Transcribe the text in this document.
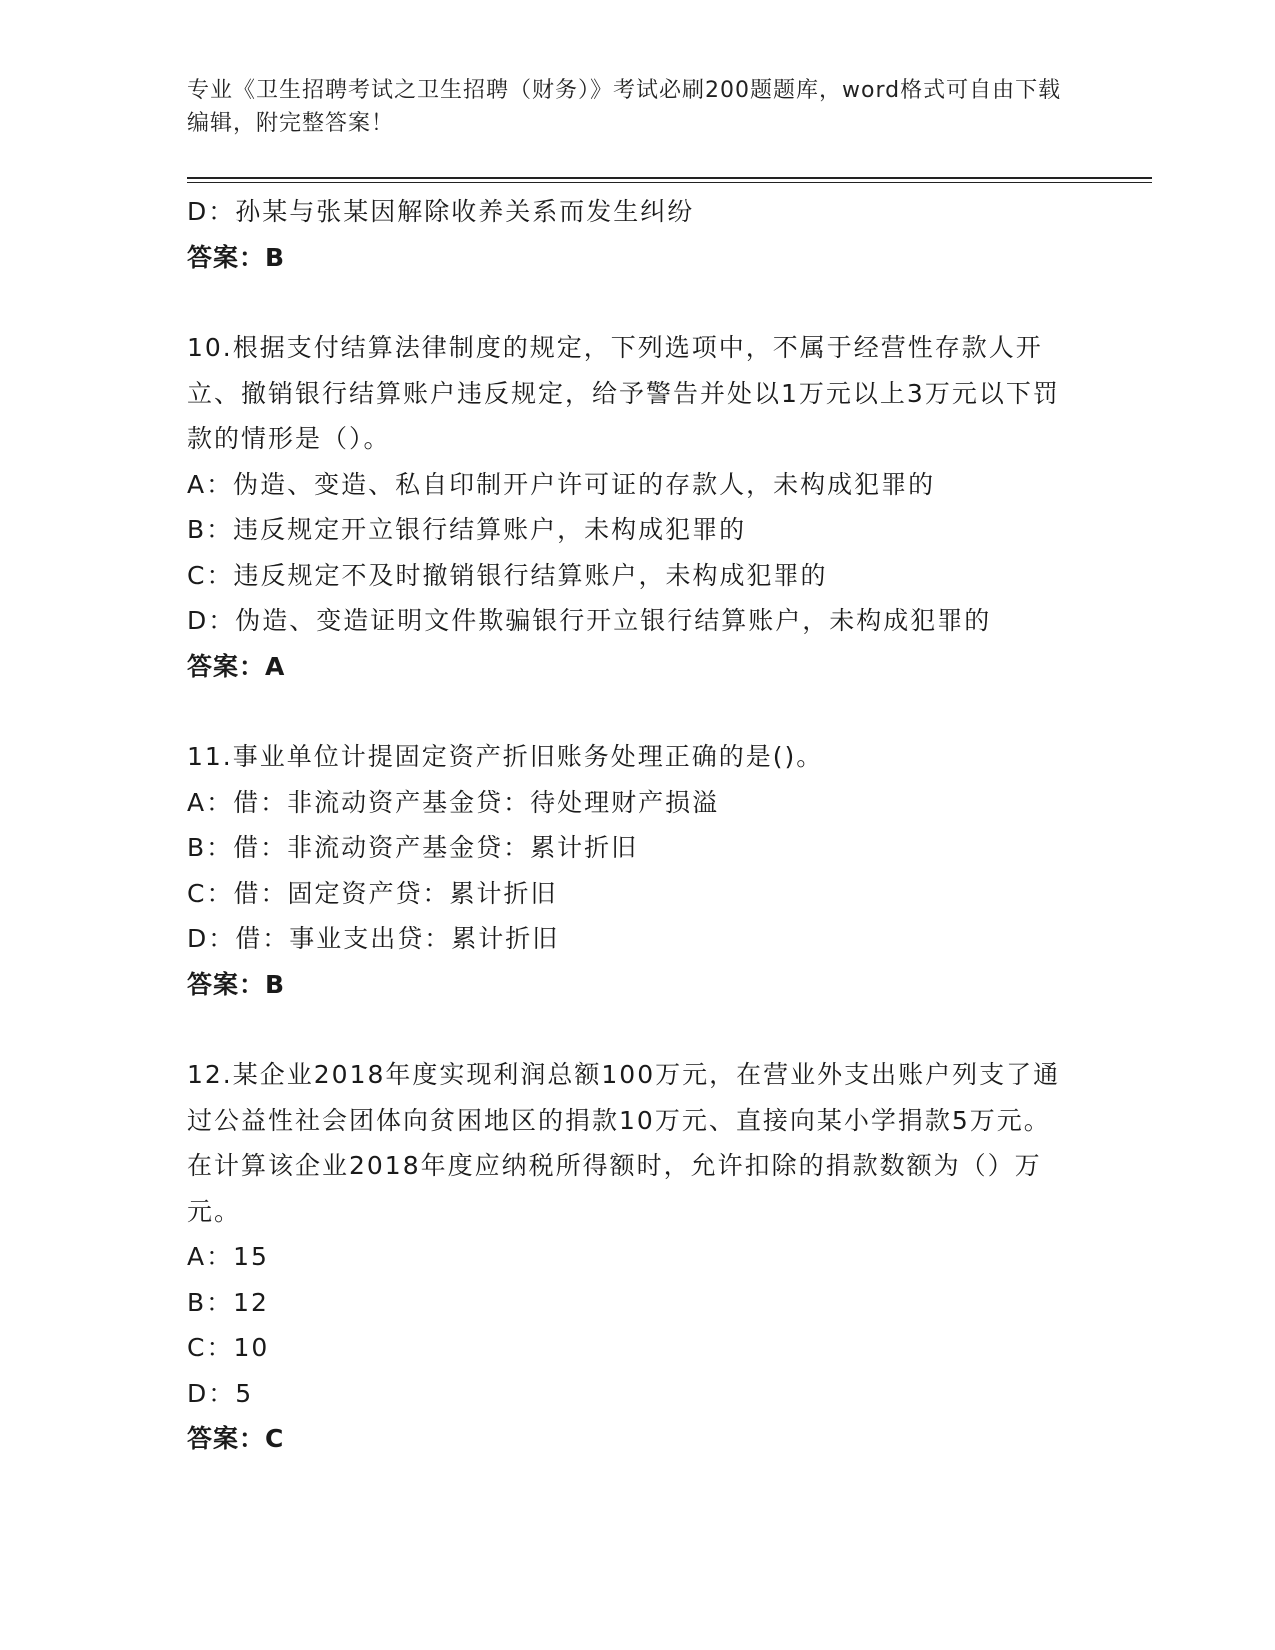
专业《卫生招聘考试之卫生招聘（财务）》考试必刷200题题库，word格式可自由下载编辑，附完整答案！
D：孙某与张某因解除收养关系而发生纠纷
答案：B
10.根据支付结算法律制度的规定，下列选项中，不属于经营性存款人开立、撤销银行结算账户违反规定，给予警告并处以1万元以上3万元以下罚款的情形是（）。
A：伪造、变造、私自印制开户许可证的存款人，未构成犯罪的
B：违反规定开立银行结算账户，未构成犯罪的
C：违反规定不及时撤销银行结算账户，未构成犯罪的
D：伪造、变造证明文件欺骗银行开立银行结算账户，未构成犯罪的
答案：A
11.事业单位计提固定资产折旧账务处理正确的是()。
A：借：非流动资产基金贷：待处理财产损溢
B：借：非流动资产基金贷：累计折旧
C：借：固定资产贷：累计折旧
D：借：事业支出贷：累计折旧
答案：B
12.某企业2018年度实现利润总额100万元，在营业外支出账户列支了通过公益性社会团体向贫困地区的捐款10万元、直接向某小学捐款5万元。在计算该企业2018年度应纳税所得额时，允许扣除的捐款数额为（）万元。
A：15
B：12
C：10
D：5
答案：C
